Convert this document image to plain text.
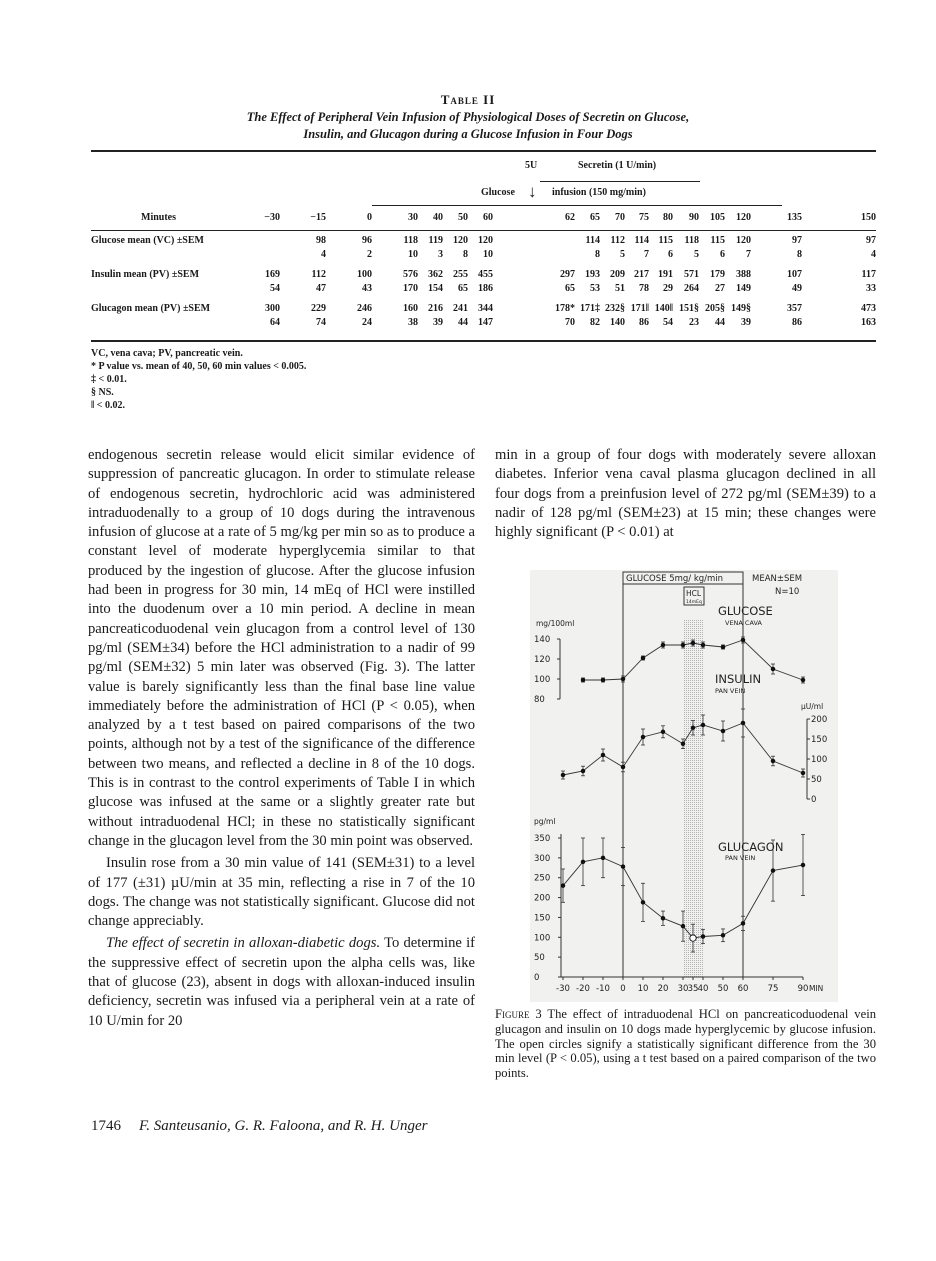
Table II
The Effect of Peripheral Vein Infusion of Physiological Doses of Secretin on Glucose,
Insulin, and Glucagon during a Glucose Infusion in Four Dogs
5U	Secretin (1 U/min)
Glucose ↓ infusion (150 mg/min)
Minutes	−30	−15	0	30	40	50	60	62	65	70	75	80	90	105	120	135	150

Glucose mean (VC) ±SEM		98	96	118	119	120	120		114	112	114	115	118	115	120	97	97
		4	2	10	3	8	10		8	5	7	6	5	6	7	8	4

Insulin mean (PV) ±SEM	169	112	100	576	362	255	455	297	193	209	217	191	571	179	388	107	117
	54	47	43	170	154	65	186	65	53	51	78	29	264	27	149	49	33

Glucagon mean (PV) ±SEM	300	229	246	160	216	241	344	178*	171‡	232§	171‖	140‖	151§	205§	149§	357	473
	64	74	24	38	39	44	147	70	82	140	86	54	23	44	39	86	163

VC, vena cava; PV, pancreatic vein.
* P value vs. mean of 40, 50, 60 min values < 0.005.
‡ < 0.01.
§ NS.
‖ < 0.02.

endogenous secretin release would elicit similar evidence of suppression of pancreatic glucagon. In order to stimulate release of endogenous secretin, hydrochloric acid was administered intraduodenally to a group of 10 dogs during the intravenous infusion of glucose at a rate of 5 mg/kg per min so as to produce a constant level of moderate hyperglycemia similar to that produced by the ingestion of glucose. After the glucose infusion had been in progress for 30 min, 14 mEq of HCl were instilled into the duodenum over a 10 min period. A decline in mean pancreaticoduodenal vein glucagon from a control level of 130 pg/ml (SEM±34) before the HCl administration to a nadir of 99 pg/ml (SEM±32) 5 min later was observed (Fig. 3). The latter value is barely significantly less than the final base line value immediately before the administration of HCl (P < 0.05), when analyzed by a t test based on paired comparisons of the two points, although not by a test of the significance of the difference between two means, and reflected a decline in 8 of the 10 dogs. This is in contrast to the control experiments of Table I in which glucose was infused at the same or a slightly greater rate but without intraduodenal HCl; in these no statistically significant change in the glucagon level from the 30 min point was observed.

Insulin rose from a 30 min value of 141 (SEM±31) to a level of 177 (±31) µU/min at 35 min, reflecting a rise in 7 of the 10 dogs. The change was not statistically significant. Glucose did not change appreciably.

The effect of secretin in alloxan-diabetic dogs. To determine if the suppressive effect of secretin upon the alpha cells was, like that of glucose (23), absent in dogs with alloxan-induced insulin deficiency, secretin was infused via a peripheral vein at a rate of 10 U/min for 20

min in a group of four dogs with moderately severe alloxan diabetes. Inferior vena caval plasma glucagon declined in all four dogs from a preinfusion level of 272 pg/ml (SEM±39) to a nadir of 128 pg/ml (SEM±23) at 15 min; these changes were highly significant (P < 0.01) at

GLUCOSE 5mg/ kg/min
HCL
14mEq
MEAN±SEM
N=10
GLUCOSE
VENA CAVA
INSULIN
PAN VEIN
GLUCAGON
PAN VEIN
mg/100ml
140
120
100
80
µU/ml
200
150
100
50
0
pg/ml
350
300
250
200
150
100
50
0
MIN
-30 -20 -10 0 10 20 30 35 40 50 60 75 90
Figure 3 The effect of intraduodenal HCl on pancreaticoduodenal vein glucagon and insulin on 10 dogs made hyperglycemic by glucose infusion. The open circles signify a statistically significant difference from the 30 min level (P < 0.05), using a t test based on a paired comparison of the two points.
1746 F. Santeusanio, G. R. Faloona, and R. H. Unger
